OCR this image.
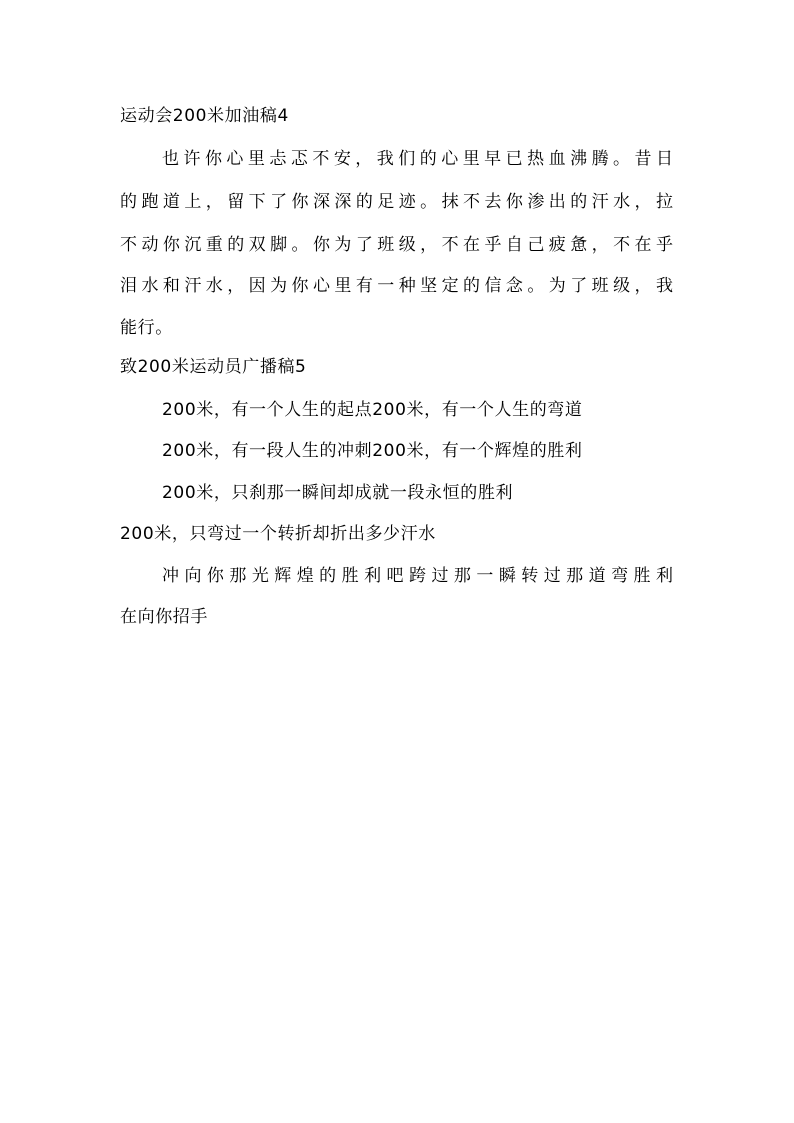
运动会200米加油稿4
也许你心里忐忑不安，我们的心里早已热血沸腾。昔日
的跑道上，留下了你深深的足迹。抹不去你渗出的汗水，拉
不动你沉重的双脚。你为了班级，不在乎自己疲惫，不在乎
泪水和汗水，因为你心里有一种坚定的信念。为了班级，我
能行。
致200米运动员广播稿5
200米，有一个人生的起点200米，有一个人生的弯道
200米，有一段人生的冲刺200米，有一个辉煌的胜利
200米，只刹那一瞬间却成就一段永恒的胜利
200米，只弯过一个转折却折出多少汗水
冲向你那光辉煌的胜利吧跨过那一瞬转过那道弯胜利
在向你招手
